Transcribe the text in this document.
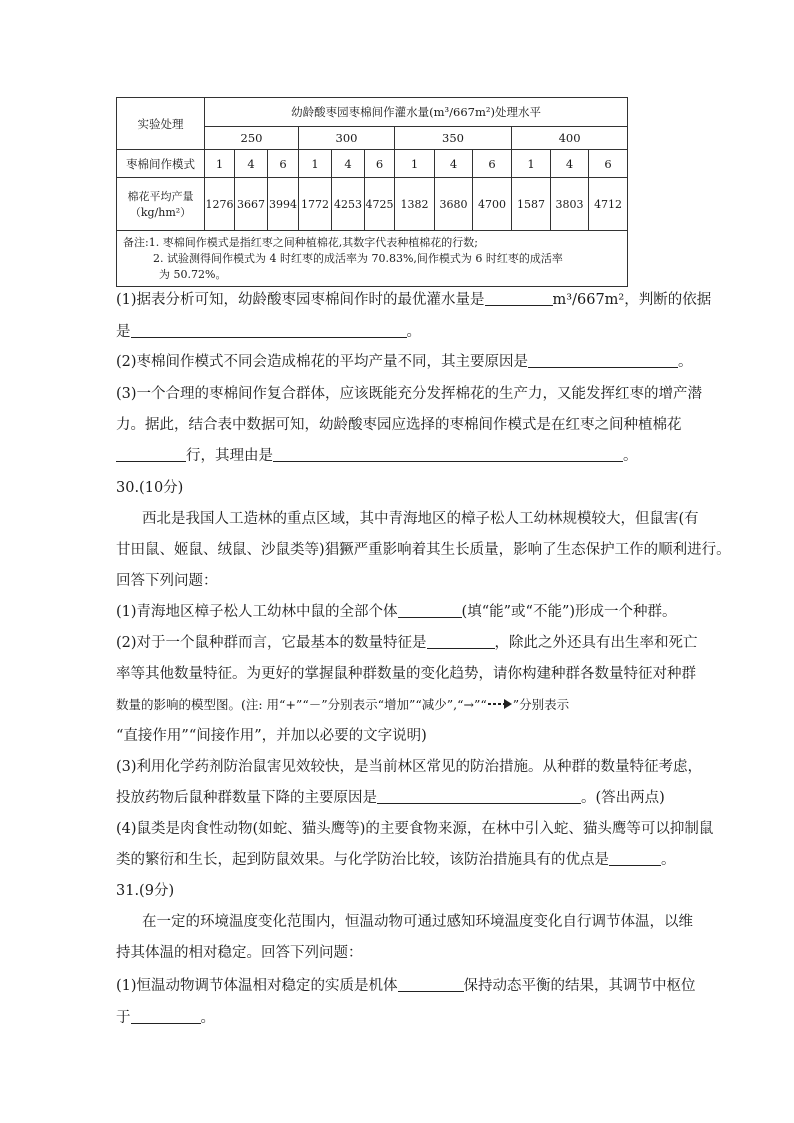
实验处理	幼龄酸枣园枣棉间作灌水量(m³/667m²)处理水平											
	250			300			350			400		
枣棉间作模式	1	4	6	1	4	6	1	4	6	1	4	6
棉花平均产量
（kg/hm²）	1276	3667	3994	1772	4253	4725	1382	3680	4700	1587	3803	4712
备注:1. 枣棉间作模式是指红枣之间种植棉花,其数字代表种植棉花的行数;

2. 试验测得间作模式为 4 时红枣的成活率为 70.83%,间作模式为 6 时红枣的成活率
为 50.72%。												
(1)据表分析可知，幼龄酸枣园枣棉间作时的最优灌水量是	m³/667m²，判断的依据
是	。
(2)枣棉间作模式不同会造成棉花的平均产量不同，其主要原因是	。
(3)一个合理的枣棉间作复合群体，应该既能充分发挥棉花的生产力，又能发挥红枣的增产潜
力。据此，结合表中数据可知，幼龄酸枣园应选择的枣棉间作模式是在红枣之间种植棉花
行，其理由是	。
30.(10分)
西北是我国人工造林的重点区域，其中青海地区的樟子松人工幼林规模较大，但鼠害(有
甘田鼠、姬鼠、绒鼠、沙鼠类等)猖獗严重影响着其生长质量，影响了生态保护工作的顺利进行。
回答下列问题：
(1)青海地区樟子松人工幼林中鼠的全部个体	(填“能”或“不能”)形成一个种群。
(2)对于一个鼠种群而言，它最基本的数量特征是	，除此之外还具有出生率和死亡
率等其他数量特征。为更好的掌握鼠种群数量的变化趋势，请你构建种群各数量特征对种群
数量的影响的模型图。(注: 用“+”“－”分别表示“增加”“减少”,“→”“ ”分别表示
“直接作用”“间接作用”，并加以必要的文字说明)
(3)利用化学药剂防治鼠害见效较快，是当前林区常见的防治措施。从种群的数量特征考虑，
投放药物后鼠种群数量下降的主要原因是	。(答出两点)
(4)鼠类是肉食性动物(如蛇、猫头鹰等)的主要食物来源，在林中引入蛇、猫头鹰等可以抑制鼠
类的繁衍和生长，起到防鼠效果。与化学防治比较，该防治措施具有的优点是	。
31.(9分)
在一定的环境温度变化范围内，恒温动物可通过感知环境温度变化自行调节体温，以维
持其体温的相对稳定。回答下列问题：
(1)恒温动物调节体温相对稳定的实质是机体	保持动态平衡的结果，其调节中枢位
于	。
